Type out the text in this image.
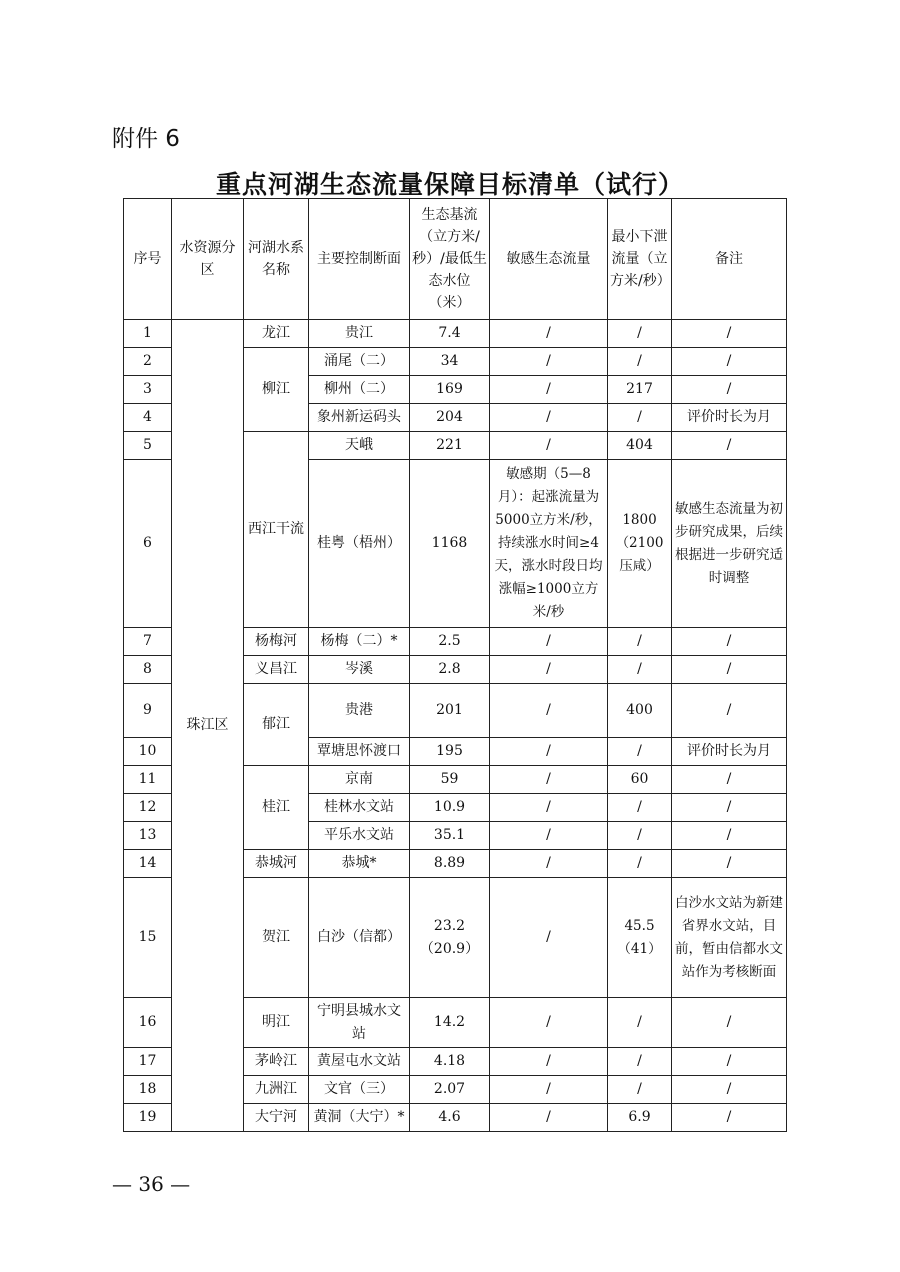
附件 6
重点河湖生态流量保障目标清单（试行）
序号	水资源分区	河湖水系名称	主要控制断面	生态基流（立方米/秒）/最低生态水位（米）	敏感生态流量	最小下泄流量（立方米/秒）	备注
1	珠江区	龙江	贵江	7.4	/	/	/
2		柳江	涌尾（二）	34	/	/	/
3			柳州（二）	169	/	217	/
4			象州新运码头	204	/	/	评价时长为月
5		西江干流	天峨	221	/	404	/
6			桂粤（梧州）	1168	敏感期（5—8月）：起涨流量为5000立方米/秒，持续涨水时间≥4天，涨水时段日均涨幅≥1000立方米/秒	1800（2100压咸）	敏感生态流量为初步研究成果，后续根据进一步研究适时调整
7		杨梅河	杨梅（二）*	2.5	/	/	/
8		义昌江	岑溪	2.8	/	/	/
9		郁江	贵港	201	/	400	/
10			覃塘思怀渡口	195	/	/	评价时长为月
11		桂江	京南	59	/	60	/
12			桂林水文站	10.9	/	/	/
13			平乐水文站	35.1	/	/	/
14		恭城河	恭城*	8.89	/	/	/
15		贺江	白沙（信都）	23.2（20.9）	/	45.5（41）	白沙水文站为新建省界水文站，目前，暂由信都水文站作为考核断面
16		明江	宁明县城水文站	14.2	/	/	/
17		茅岭江	黄屋屯水文站	4.18	/	/	/
18		九洲江	文官（三）	2.07	/	/	/
19		大宁河	黄洞（大宁）*	4.6	/	6.9	/
— 36 —
